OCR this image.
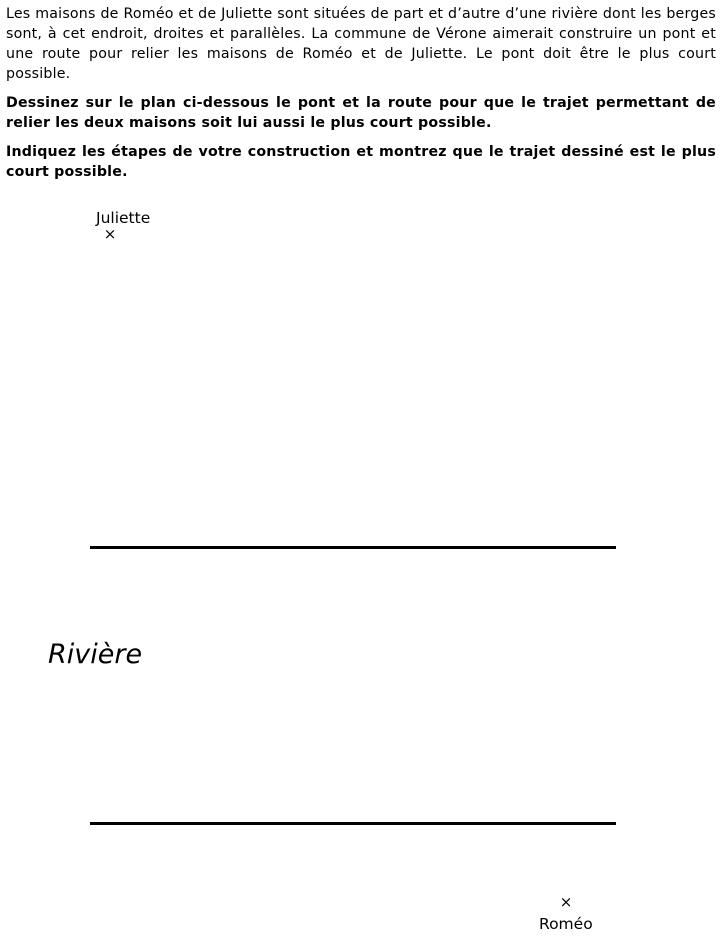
Les maisons de Roméo et de Juliette sont situées de part et d’autre d’une rivière dont les berges sont, à cet endroit, droites et parallèles. La commune de Vérone aimerait construire un pont et une route pour relier les maisons de Roméo et de Juliette. Le pont doit être le plus court possible.

Dessinez sur le plan ci-dessous le pont et la route pour que le trajet permettant de relier les deux maisons soit lui aussi le plus court possible.

Indiquez les étapes de votre construction et montrez que le trajet dessiné est le plus court possible.

Juliette
×
Rivière
×
Roméo
